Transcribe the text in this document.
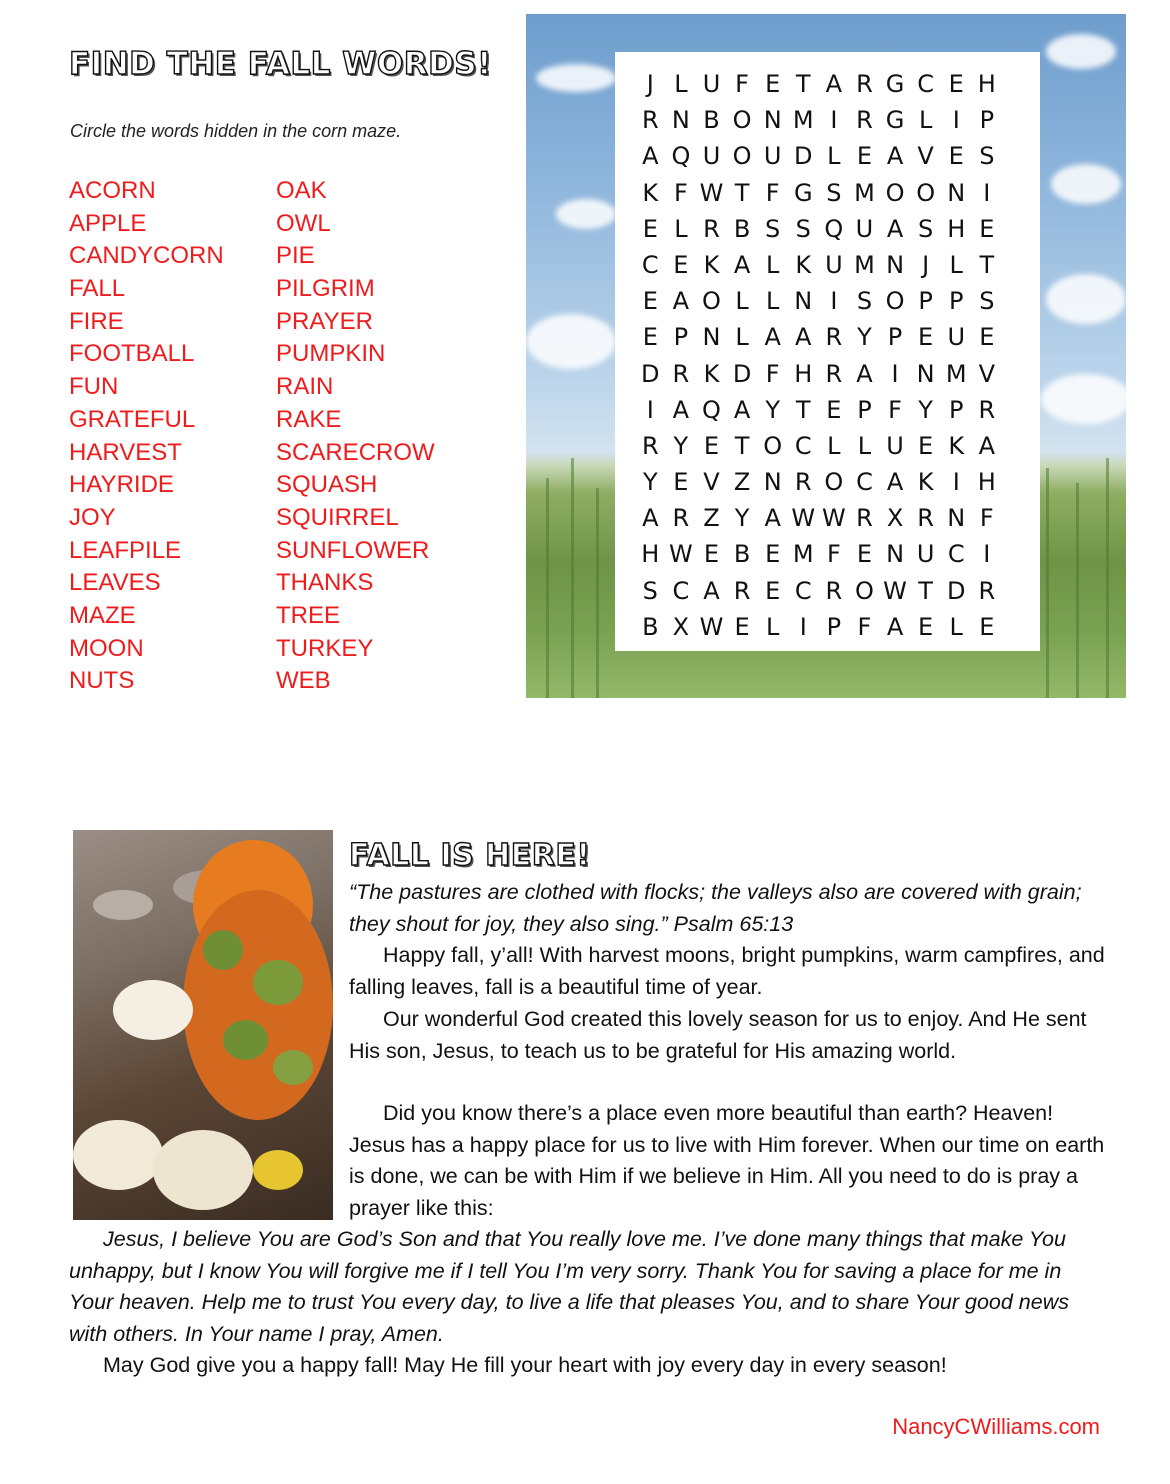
FIND THE FALL WORDS!
Circle the words hidden in the corn maze.
ACORN
APPLE
CANDYCORN
FALL
FIRE
FOOTBALL
FUN
GRATEFUL
HARVEST
HAYRIDE
JOY
LEAFPILE
LEAVES
MAZE
MOON
NUTS
OAK
OWL
PIE
PILGRIM
PRAYER
PUMPKIN
RAIN
RAKE
SCARECROW
SQUASH
SQUIRREL
SUNFLOWER
THANKS
TREE
TURKEY
WEB
J L U F E T A R G C E H
R N B O N M I R G L I P
A Q U O U D L E A V E S
K F W T F G S M O O N I
E L R B S S Q U A S H E
C E K A L K U M N J L T
E A O L L N I S O P P S
E P N L A A R Y P E U E
D R K D F H R A I N M V
I A Q A Y T E P F Y P R
R Y E T O C L L U E K A
Y E V Z N R O C A K I H
A R Z Y A W W R X R N F
H W E B E M F E N U C I
S C A R E C R O W T D R
B X W E L I P F A E L E
FALL IS HERE!

“The pastures are clothed with flocks; the valleys also are covered with grain; they shout for joy, they also sing.” Psalm 65:13

Happy fall, y’all! With harvest moons, bright pumpkins, warm campfires, and falling leaves, fall is a beautiful time of year.

Our wonderful God created this lovely season for us to enjoy. And He sent His son, Jesus, to teach us to be grateful for His amazing world.

Did you know there’s a place even more beautiful than earth? Heaven! Jesus has a happy place for us to live with Him forever. When our time on earth is done, we can be with Him if we believe in Him. All you need to do is pray a prayer like this:

Jesus, I believe You are God’s Son and that You really love me. I’ve done many things that make You unhappy, but I know You will forgive me if I tell You I’m very sorry. Thank You for saving a place for me in Your heaven. Help me to trust You every day, to live a life that pleases You, and to share Your good news with others. In Your name I pray, Amen.

May God give you a happy fall! May He fill your heart with joy every day in every season!

NancyCWilliams.com
